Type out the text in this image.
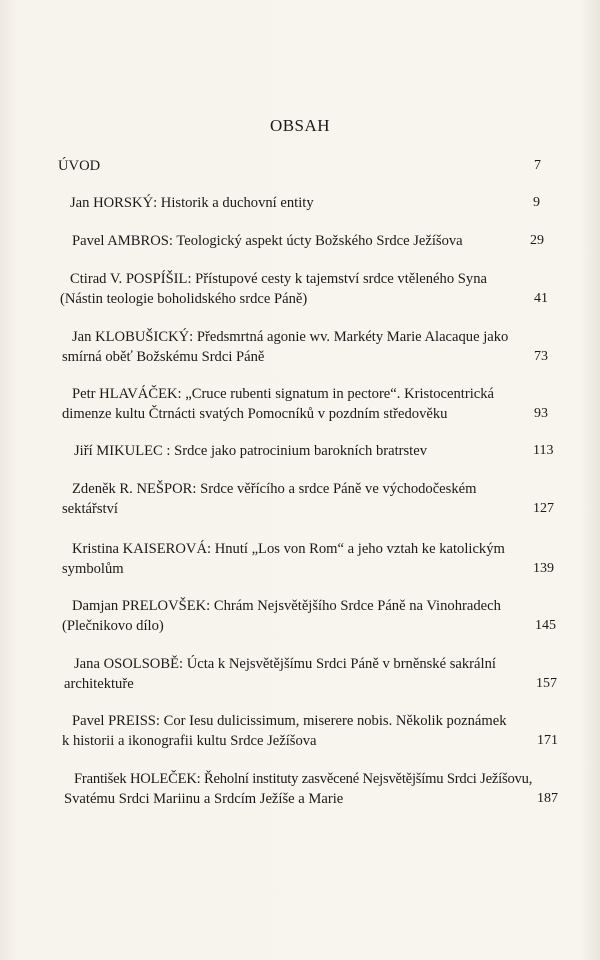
OBSAH
ÚVOD	7
Jan HORSKÝ: Historik a duchovní entity	9
Pavel AMBROS: Teologický aspekt úcty Božského Srdce Ježíšova	29
Ctirad V. POSPÍŠIL: Přístupové cesty k tajemství srdce vtěleného Syna
(Nástin teologie boholidského srdce Páně)	41
Jan KLOBUŠICKÝ: Předsmrtná agonie wv. Markéty Marie Alacaque jako
smírná oběť Božskému Srdci Páně	73
Petr HLAVÁČEK: „Cruce rubenti signatum in pectore“. Kristocentrická
dimenze kultu Čtrnácti svatých Pomocníků v pozdním středověku	93
Jiří MIKULEC : Srdce jako patrocinium barokních bratrstev	113
Zdeněk R. NEŠPOR: Srdce věřícího a srdce Páně ve východočeském
sektářství	127
Kristina KAISEROVÁ: Hnutí „Los von Rom“ a jeho vztah ke katolickým
symbolům	139
Damjan PRELOVŠEK: Chrám Nejsvětějšího Srdce Páně na Vinohradech
(Plečnikovo dílo)	145
Jana OSOLSOBĚ: Úcta k Nejsvětějšímu Srdci Páně v brněnské sakrální
architektuře	157
Pavel PREISS: Cor Iesu dulicissimum, miserere nobis. Několik poznámek
k historii a ikonografii kultu Srdce Ježíšova	171
František HOLEČEK: Řeholní instituty zasvěcené Nejsvětějšímu Srdci Ježíšovu,
Svatému Srdci Mariinu a Srdcím Ježíše a Marie	187
